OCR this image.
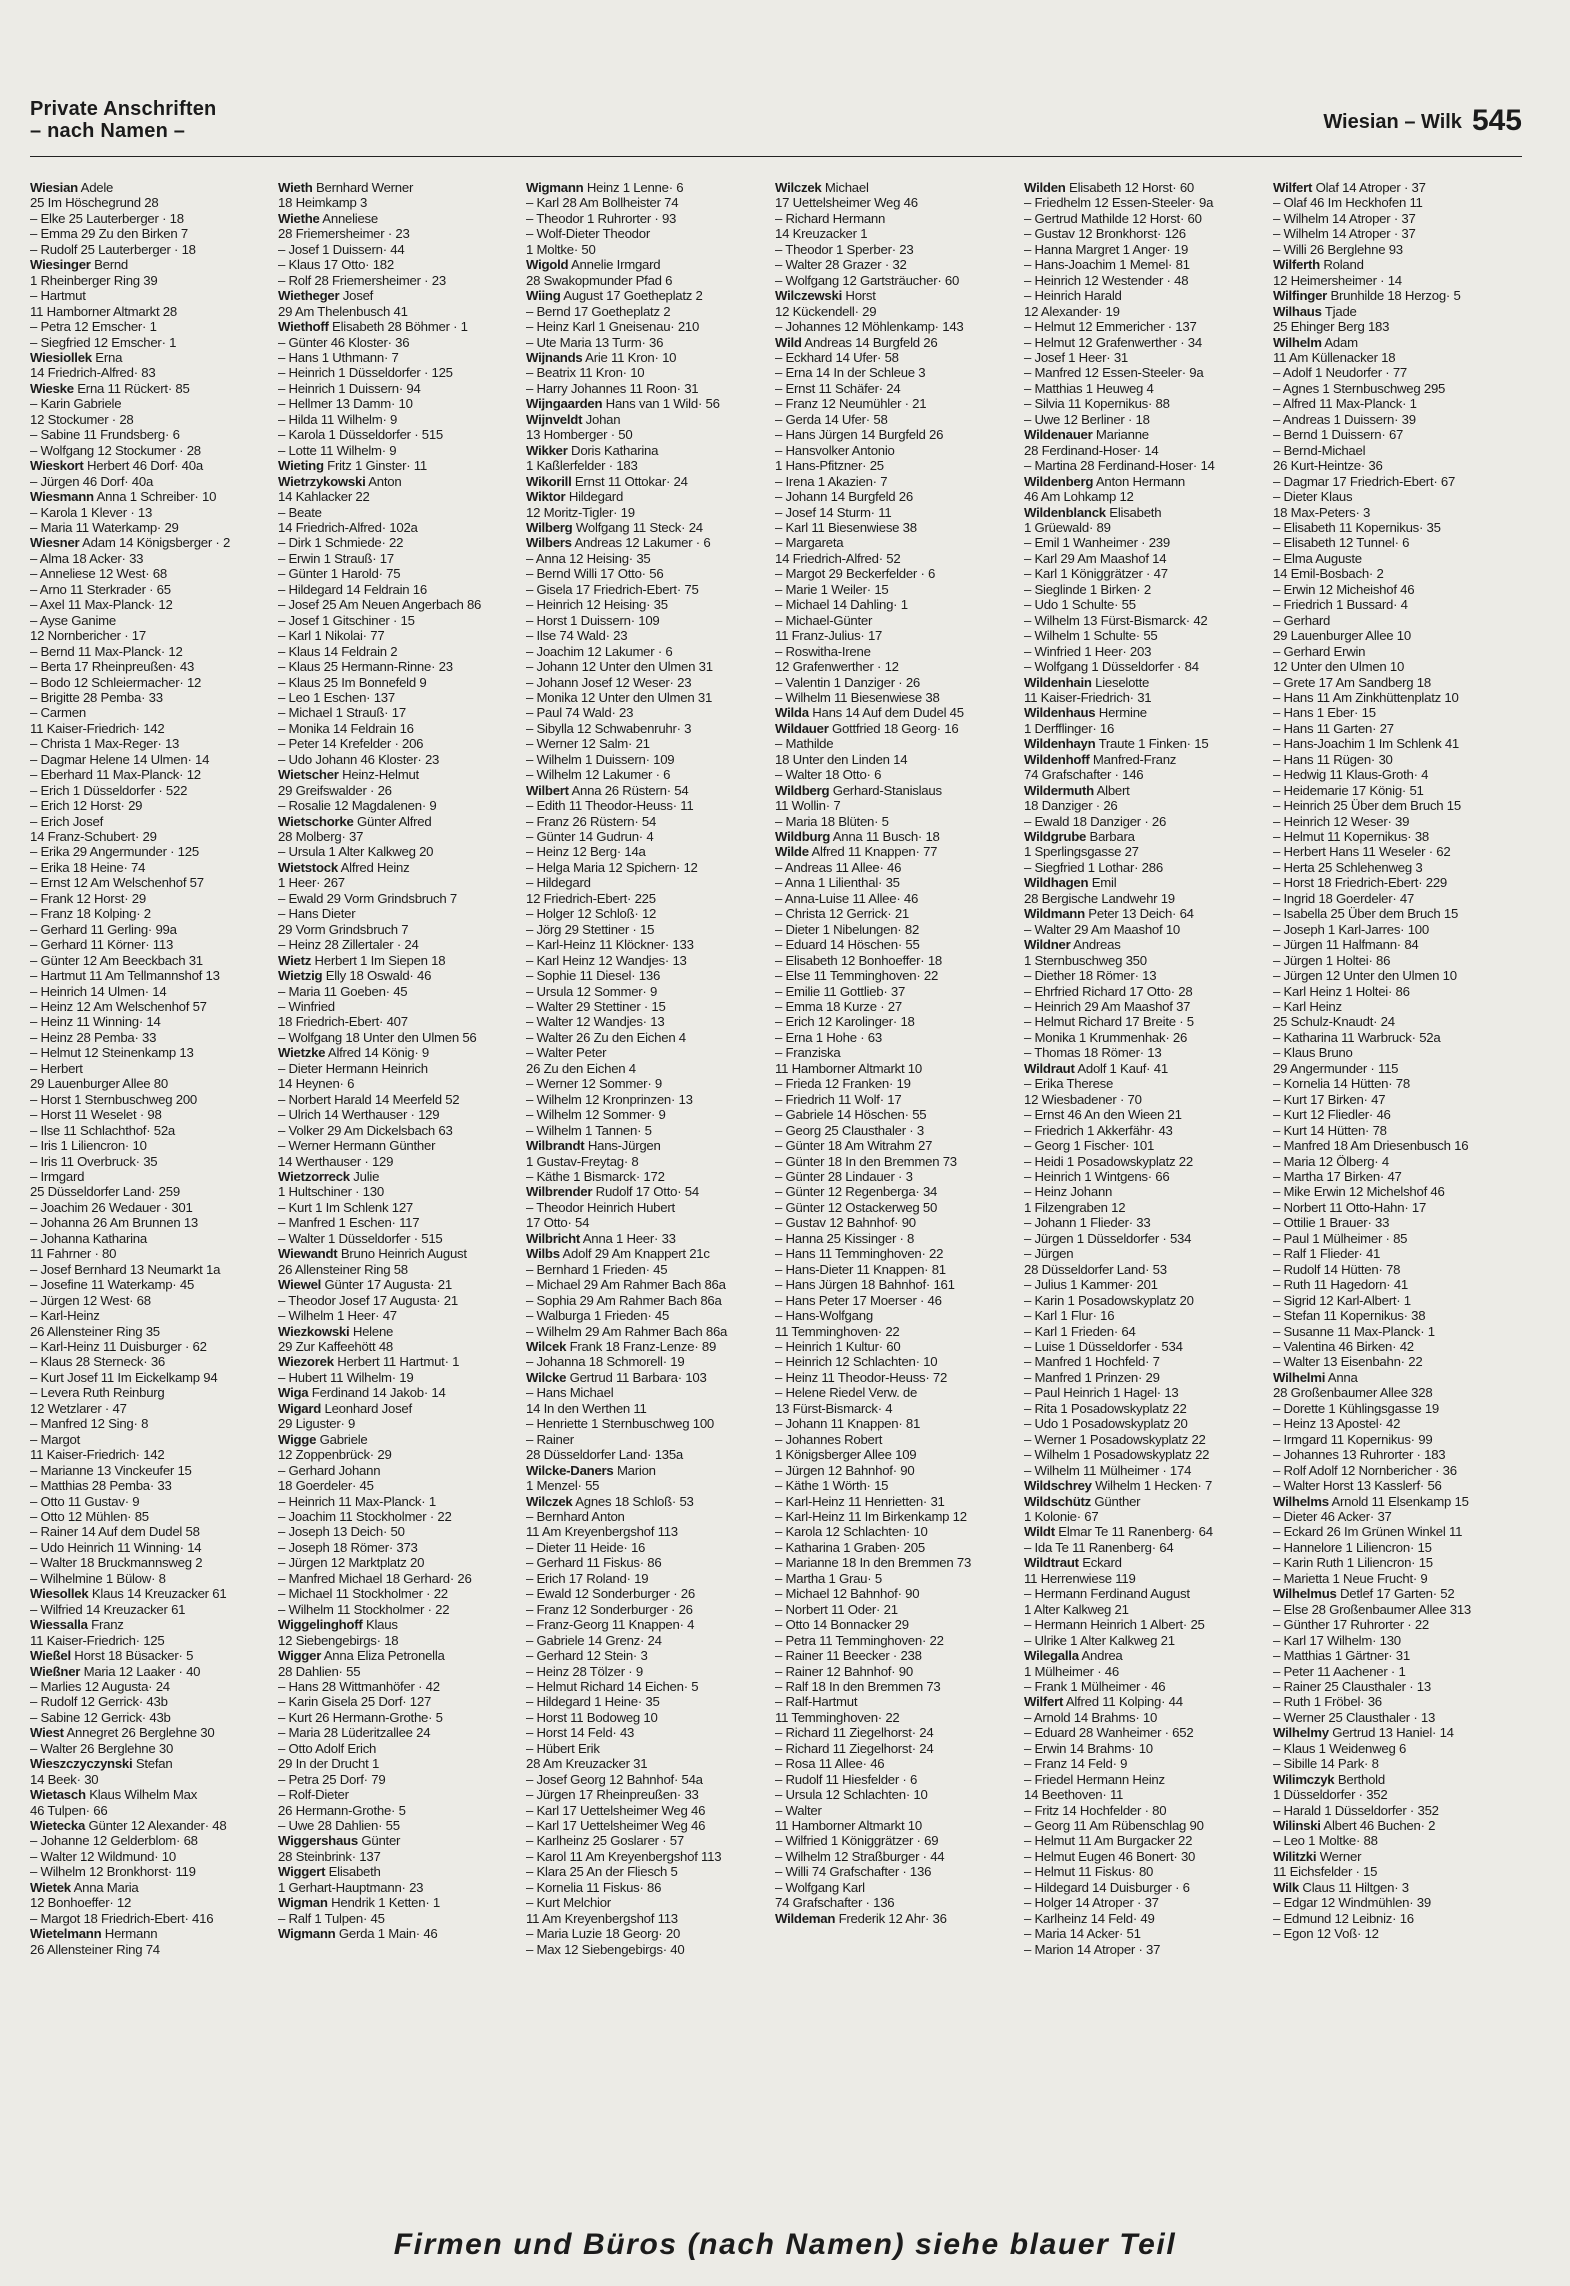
Private Anschriften
– nach Namen –	Wiesian – Wilk 545
Wiesian Adele
25 Im Höschegrund 28
– Elke 25 Lauterberger · 18
– Emma 29 Zu den Birken 7
– Rudolf 25 Lauterberger · 18
Wiesinger Bernd
1 Rheinberger Ring 39
– Hartmut
11 Hamborner Altmarkt 28
– Petra 12 Emscher· 1
– Siegfried 12 Emscher· 1
Wiesiollek Erna
14 Friedrich-Alfred· 83
Wieske Erna 11 Rückert· 85
– Karin Gabriele
12 Stockumer · 28
– Sabine 11 Frundsberg· 6
– Wolfgang 12 Stockumer · 28
Wieskort Herbert 46 Dorf· 40a
– Jürgen 46 Dorf· 40a
Wiesmann Anna 1 Schreiber· 10
– Karola 1 Klever · 13
– Maria 11 Waterkamp· 29
Wiesner Adam 14 Königsberger · 2
– Alma 18 Acker· 33
– Anneliese 12 West· 68
– Arno 11 Sterkrader · 65
– Axel 11 Max-Planck· 12
– Ayse Ganime
12 Nornbericher · 17
– Bernd 11 Max-Planck· 12
– Berta 17 Rheinpreußen· 43
– Bodo 12 Schleiermacher· 12
– Brigitte 28 Pemba· 33
– Carmen
11 Kaiser-Friedrich· 142
– Christa 1 Max-Reger· 13
– Dagmar Helene 14 Ulmen· 14
– Eberhard 11 Max-Planck· 12
– Erich 1 Düsseldorfer · 522
– Erich 12 Horst· 29
– Erich Josef
14 Franz-Schubert· 29
– Erika 29 Angermunder · 125
– Erika 18 Heine· 74
– Ernst 12 Am Welschenhof 57
– Frank 12 Horst· 29
– Franz 18 Kolping· 2
– Gerhard 11 Gerling· 99a
– Gerhard 11 Körner· 113
– Günter 12 Am Beeckbach 31
– Hartmut 11 Am Tellmannshof 13
– Heinrich 14 Ulmen· 14
– Heinz 12 Am Welschenhof 57
– Heinz 11 Winning· 14
– Heinz 28 Pemba· 33
– Helmut 12 Steinenkamp 13
– Herbert
29 Lauenburger Allee 80
– Horst 1 Sternbuschweg 200
– Horst 11 Weselet · 98
– Ilse 11 Schlachthof· 52a
– Iris 1 Liliencron· 10
– Iris 11 Overbruck· 35
– Irmgard
25 Düsseldorfer Land· 259
– Joachim 26 Wedauer · 301
– Johanna 26 Am Brunnen 13
– Johanna Katharina
11 Fahrner · 80
– Josef Bernhard 13 Neumarkt 1a
– Josefine 11 Waterkamp· 45
– Jürgen 12 West· 68
– Karl-Heinz
26 Allensteiner Ring 35
– Karl-Heinz 11 Duisburger · 62
– Klaus 28 Sterneck· 36
– Kurt Josef 11 Im Eickelkamp 94
– Levera Ruth Reinburg
12 Wetzlarer · 47
– Manfred 12 Sing· 8
– Margot
11 Kaiser-Friedrich· 142
– Marianne 13 Vinckeufer 15
– Matthias 28 Pemba· 33
– Otto 11 Gustav· 9
– Otto 12 Mühlen· 85
– Rainer 14 Auf dem Dudel 58
– Udo Heinrich 11 Winning· 14
– Walter 18 Bruckmannsweg 2
– Wilhelmine 1 Bülow· 8
Wiesollek Klaus 14 Kreuzacker 61
– Wilfried 14 Kreuzacker 61
Wiessalla Franz
11 Kaiser-Friedrich· 125
Wießel Horst 18 Büsacker· 5
Wießner Maria 12 Laaker · 40
– Marlies 12 Augusta· 24
– Rudolf 12 Gerrick· 43b
– Sabine 12 Gerrick· 43b
Wiest Annegret 26 Berglehne 30
– Walter 26 Berglehne 30
Wieszczyczynski Stefan
14 Beek· 30
Wietasch Klaus Wilhelm Max
46 Tulpen· 66
Wietecka Günter 12 Alexander· 48
– Johanne 12 Gelderblom· 68
– Walter 12 Wildmund· 10
– Wilhelm 12 Bronkhorst· 119
Wietek Anna Maria
12 Bonhoeffer· 12
– Margot 18 Friedrich-Ebert· 416
Wietelmann Hermann
26 Allensteiner Ring 74
Wieth Bernhard Werner
18 Heimkamp 3
Wiethe Anneliese
28 Friemersheimer · 23
– Josef 1 Duissern· 44
– Klaus 17 Otto· 182
– Rolf 28 Friemersheimer · 23
Wietheger Josef
29 Am Thelenbusch 41
Wiethoff Elisabeth 28 Böhmer · 1
– Günter 46 Kloster· 36
– Hans 1 Uthmann· 7
– Heinrich 1 Düsseldorfer · 125
– Heinrich 1 Duissern· 94
– Hellmer 13 Damm· 10
– Hilda 11 Wilhelm· 9
– Karola 1 Düsseldorfer · 515
– Lotte 11 Wilhelm· 9
Wieting Fritz 1 Ginster· 11
Wietrzykowski Anton
14 Kahlacker 22
– Beate
14 Friedrich-Alfred· 102a
– Dirk 1 Schmiede· 22
– Erwin 1 Strauß· 17
– Günter 1 Harold· 75
– Hildegard 14 Feldrain 16
– Josef 25 Am Neuen Angerbach 86
– Josef 1 Gitschiner · 15
– Karl 1 Nikolai· 77
– Klaus 14 Feldrain 2
– Klaus 25 Hermann-Rinne· 23
– Klaus 25 Im Bonnefeld 9
– Leo 1 Eschen· 137
– Michael 1 Strauß· 17
– Monika 14 Feldrain 16
– Peter 14 Krefelder · 206
– Udo Johann 46 Kloster· 23
Wietscher Heinz-Helmut
29 Greifswalder · 26
– Rosalie 12 Magdalenen· 9
Wietschorke Günter Alfred
28 Molberg· 37
– Ursula 1 Alter Kalkweg 20
Wietstock Alfred Heinz
1 Heer· 267
– Ewald 29 Vorm Grindsbruch 7
– Hans Dieter
29 Vorm Grindsbruch 7
– Heinz 28 Zillertaler · 24
Wietz Herbert 1 Im Siepen 18
Wietzig Elly 18 Oswald· 46
– Maria 11 Goeben· 45
– Winfried
18 Friedrich-Ebert· 407
– Wolfgang 18 Unter den Ulmen 56
Wietzke Alfred 14 König· 9
– Dieter Hermann Heinrich
14 Heynen· 6
– Norbert Harald 14 Meerfeld 52
– Ulrich 14 Werthauser · 129
– Volker 29 Am Dickelsbach 63
– Werner Hermann Günther
14 Werthauser · 129
Wietzorreck Julie
1 Hultschiner · 130
– Kurt 1 Im Schlenk 127
– Manfred 1 Eschen· 117
– Walter 1 Düsseldorfer · 515
Wiewandt Bruno Heinrich August
26 Allensteiner Ring 58
Wiewel Günter 17 Augusta· 21
– Theodor Josef 17 Augusta· 21
– Wilhelm 1 Heer· 47
Wiezkowski Helene
29 Zur Kaffeehött 48
Wiezorek Herbert 11 Hartmut· 1
– Hubert 11 Wilhelm· 19
Wiga Ferdinand 14 Jakob· 14
Wigard Leonhard Josef
29 Liguster· 9
Wigge Gabriele
12 Zoppenbrück· 29
– Gerhard Johann
18 Goerdeler· 45
– Heinrich 11 Max-Planck· 1
– Joachim 11 Stockholmer · 22
– Joseph 13 Deich· 50
– Joseph 18 Römer· 373
– Jürgen 12 Marktplatz 20
– Manfred Michael 18 Gerhard· 26
– Michael 11 Stockholmer · 22
– Wilhelm 11 Stockholmer · 22
Wiggelinghoff Klaus
12 Siebengebirgs· 18
Wigger Anna Eliza Petronella
28 Dahlien· 55
– Hans 28 Wittmanhöfer · 42
– Karin Gisela 25 Dorf· 127
– Kurt 26 Hermann-Grothe· 5
– Maria 28 Lüderitzallee 24
– Otto Adolf Erich
29 In der Drucht 1
– Petra 25 Dorf· 79
– Rolf-Dieter
26 Hermann-Grothe· 5
– Uwe 28 Dahlien· 55
Wiggershaus Günter
28 Steinbrink· 137
Wiggert Elisabeth
1 Gerhart-Hauptmann· 23
Wigman Hendrik 1 Ketten· 1
– Ralf 1 Tulpen· 45
Wigmann Gerda 1 Main· 46
Wigmann Heinz 1 Lenne· 6
– Karl 28 Am Bollheister 74
– Theodor 1 Ruhrorter · 93
– Wolf-Dieter Theodor
1 Moltke· 50
Wigold Annelie Irmgard
28 Swakopmunder Pfad 6
Wiing August 17 Goetheplatz 2
– Bernd 17 Goetheplatz 2
– Heinz Karl 1 Gneisenau· 210
– Ute Maria 13 Turm· 36
Wijnands Arie 11 Kron· 10
– Beatrix 11 Kron· 10
– Harry Johannes 11 Roon· 31
Wijngaarden Hans van 1 Wild· 56
Wijnveldt Johan
13 Homberger · 50
Wikker Doris Katharina
1 Kaßlerfelder · 183
Wikorill Ernst 11 Ottokar· 24
Wiktor Hildegard
12 Moritz-Tigler· 19
Wilberg Wolfgang 11 Steck· 24
Wilbers Andreas 12 Lakumer · 6
– Anna 12 Heising· 35
– Bernd Willi 17 Otto· 56
– Gisela 17 Friedrich-Ebert· 75
– Heinrich 12 Heising· 35
– Horst 1 Duissern· 109
– Ilse 74 Wald· 23
– Joachim 12 Lakumer · 6
– Johann 12 Unter den Ulmen 31
– Johann Josef 12 Weser· 23
– Monika 12 Unter den Ulmen 31
– Paul 74 Wald· 23
– Sibylla 12 Schwabenruhr· 3
– Werner 12 Salm· 21
– Wilhelm 1 Duissern· 109
– Wilhelm 12 Lakumer · 6
Wilbert Anna 26 Rüstern· 54
– Edith 11 Theodor-Heuss· 11
– Franz 26 Rüstern· 54
– Günter 14 Gudrun· 4
– Heinz 12 Berg· 14a
– Helga Maria 12 Spichern· 12
– Hildegard
12 Friedrich-Ebert· 225
– Holger 12 Schloß· 12
– Jörg 29 Stettiner · 15
– Karl-Heinz 11 Klöckner· 133
– Karl Heinz 12 Wandjes· 13
– Sophie 11 Diesel· 136
– Ursula 12 Sommer· 9
– Walter 29 Stettiner · 15
– Walter 12 Wandjes· 13
– Walter 26 Zu den Eichen 4
– Walter Peter
26 Zu den Eichen 4
– Werner 12 Sommer· 9
– Wilhelm 12 Kronprinzen· 13
– Wilhelm 12 Sommer· 9
– Wilhelm 1 Tannen· 5
Wilbrandt Hans-Jürgen
1 Gustav-Freytag· 8
– Käthe 1 Bismarck· 172
Wilbrender Rudolf 17 Otto· 54
– Theodor Heinrich Hubert
17 Otto· 54
Wilbricht Anna 1 Heer· 33
Wilbs Adolf 29 Am Knappert 21c
– Bernhard 1 Frieden· 45
– Michael 29 Am Rahmer Bach 86a
– Sophia 29 Am Rahmer Bach 86a
– Walburga 1 Frieden· 45
– Wilhelm 29 Am Rahmer Bach 86a
Wilcek Frank 18 Franz-Lenze· 89
– Johanna 18 Schmorell· 19
Wilcke Gertrud 11 Barbara· 103
– Hans Michael
14 In den Werthen 11
– Henriette 1 Sternbuschweg 100
– Rainer
28 Düsseldorfer Land· 135a
Wilcke-Daners Marion
1 Menzel· 55
Wilczek Agnes 18 Schloß· 53
– Bernhard Anton
11 Am Kreyenbergshof 113
– Dieter 11 Heide· 16
– Gerhard 11 Fiskus· 86
– Erich 17 Roland· 19
– Ewald 12 Sonderburger · 26
– Franz 12 Sonderburger · 26
– Franz-Georg 11 Knappen· 4
– Gabriele 14 Grenz· 24
– Gerhard 12 Stein· 3
– Heinz 28 Tölzer · 9
– Helmut Richard 14 Eichen· 5
– Hildegard 1 Heine· 35
– Horst 11 Bodoweg 10
– Horst 14 Feld· 43
– Hübert Erik
28 Am Kreuzacker 31
– Josef Georg 12 Bahnhof· 54a
– Jürgen 17 Rheinpreußen· 33
– Karl 17 Uettelsheimer Weg 46
– Karl 17 Uettelsheimer Weg 46
– Karlheinz 25 Goslarer · 57
– Karol 11 Am Kreyenbergshof 113
– Klara 25 An der Fliesch 5
– Kornelia 11 Fiskus· 86
– Kurt Melchior
11 Am Kreyenbergshof 113
– Maria Luzie 18 Georg· 20
– Max 12 Siebengebirgs· 40
Wilczek Michael
17 Uettelsheimer Weg 46
– Richard Hermann
14 Kreuzacker 1
– Theodor 1 Sperber· 23
– Walter 28 Grazer · 32
– Wolfgang 12 Gartsträucher· 60
Wilczewski Horst
12 Kückendell· 29
– Johannes 12 Möhlenkamp· 143
Wild Andreas 14 Burgfeld 26
– Eckhard 14 Ufer· 58
– Erna 14 In der Schleue 3
– Ernst 11 Schäfer· 24
– Franz 12 Neumühler · 21
– Gerda 14 Ufer· 58
– Hans Jürgen 14 Burgfeld 26
– Hansvolker Antonio
1 Hans-Pfitzner· 25
– Irena 1 Akazien· 7
– Johann 14 Burgfeld 26
– Josef 14 Sturm· 11
– Karl 11 Biesenwiese 38
– Margareta
14 Friedrich-Alfred· 52
– Margot 29 Beckerfelder · 6
– Marie 1 Weiler· 15
– Michael 14 Dahling· 1
– Michael-Günter
11 Franz-Julius· 17
– Roswitha-Irene
12 Grafenwerther · 12
– Valentin 1 Danziger · 26
– Wilhelm 11 Biesenwiese 38
Wilda Hans 14 Auf dem Dudel 45
Wildauer Gottfried 18 Georg· 16
– Mathilde
18 Unter den Linden 14
– Walter 18 Otto· 6
Wildberg Gerhard-Stanislaus
11 Wollin· 7
– Maria 18 Blüten· 5
Wildburg Anna 11 Busch· 18
Wilde Alfred 11 Knappen· 77
– Andreas 11 Allee· 46
– Anna 1 Lilienthal· 35
– Anna-Luise 11 Allee· 46
– Christa 12 Gerrick· 21
– Dieter 1 Nibelungen· 82
– Eduard 14 Höschen· 55
– Elisabeth 12 Bonhoeffer· 18
– Else 11 Temminghoven· 22
– Emilie 11 Gottlieb· 37
– Emma 18 Kurze · 27
– Erich 12 Karolinger· 18
– Erna 1 Hohe · 63
– Franziska
11 Hamborner Altmarkt 10
– Frieda 12 Franken· 19
– Friedrich 11 Wolf· 17
– Gabriele 14 Höschen· 55
– Georg 25 Clausthaler · 3
– Günter 18 Am Witrahm 27
– Günter 18 In den Bremmen 73
– Günter 28 Lindauer · 3
– Günter 12 Regenberga· 34
– Günter 12 Ostackerweg 50
– Gustav 12 Bahnhof· 90
– Hanna 25 Kissinger · 8
– Hans 11 Temminghoven· 22
– Hans-Dieter 11 Knappen· 81
– Hans Jürgen 18 Bahnhof· 161
– Hans Peter 17 Moerser · 46
– Hans-Wolfgang
11 Temminghoven· 22
– Heinrich 1 Kultur· 60
– Heinrich 12 Schlachten· 10
– Heinz 11 Theodor-Heuss· 72
– Helene Riedel Verw. de
13 Fürst-Bismarck· 4
– Johann 11 Knappen· 81
– Johannes Robert
1 Königsberger Allee 109
– Jürgen 12 Bahnhof· 90
– Käthe 1 Wörth· 15
– Karl-Heinz 11 Henrietten· 31
– Karl-Heinz 11 Im Birkenkamp 12
– Karola 12 Schlachten· 10
– Katharina 1 Graben· 205
– Marianne 18 In den Bremmen 73
– Martha 1 Grau· 5
– Michael 12 Bahnhof· 90
– Norbert 11 Oder· 21
– Otto 14 Bonnacker 29
– Petra 11 Temminghoven· 22
– Rainer 11 Beecker · 238
– Rainer 12 Bahnhof· 90
– Ralf 18 In den Bremmen 73
– Ralf-Hartmut
11 Temminghoven· 22
– Richard 11 Ziegelhorst· 24
– Richard 11 Ziegelhorst· 24
– Rosa 11 Allee· 46
– Rudolf 11 Hiesfelder · 6
– Ursula 12 Schlachten· 10
– Walter
11 Hamborner Altmarkt 10
– Wilfried 1 Königgrätzer · 69
– Wilhelm 12 Straßburger · 44
– Willi 74 Grafschafter · 136
– Wolfgang Karl
74 Grafschafter · 136
Wildeman Frederik 12 Ahr· 36
Wilden Elisabeth 12 Horst· 60
– Friedhelm 12 Essen-Steeler· 9a
– Gertrud Mathilde 12 Horst· 60
– Gustav 12 Bronkhorst· 126
– Hanna Margret 1 Anger· 19
– Hans-Joachim 1 Memel· 81
– Heinrich 12 Westender · 48
– Heinrich Harald
12 Alexander· 19
– Helmut 12 Emmericher · 137
– Helmut 12 Grafenwerther · 34
– Josef 1 Heer· 31
– Manfred 12 Essen-Steeler· 9a
– Matthias 1 Heuweg 4
– Silvia 11 Kopernikus· 88
– Uwe 12 Berliner · 18
Wildenauer Marianne
28 Ferdinand-Hoser· 14
– Martina 28 Ferdinand-Hoser· 14
Wildenberg Anton Hermann
46 Am Lohkamp 12
Wildenblanck Elisabeth
1 Grüewald· 89
– Emil 1 Wanheimer · 239
– Karl 29 Am Maashof 14
– Karl 1 Königgrätzer · 47
– Sieglinde 1 Birken· 2
– Udo 1 Schulte· 55
– Wilhelm 13 Fürst-Bismarck· 42
– Wilhelm 1 Schulte· 55
– Winfried 1 Heer· 203
– Wolfgang 1 Düsseldorfer · 84
Wildenhain Lieselotte
11 Kaiser-Friedrich· 31
Wildenhaus Hermine
1 Derfflinger· 16
Wildenhayn Traute 1 Finken· 15
Wildenhoff Manfred-Franz
74 Grafschafter · 146
Wildermuth Albert
18 Danziger · 26
– Ewald 18 Danziger · 26
Wildgrube Barbara
1 Sperlingsgasse 27
– Siegfried 1 Lothar· 286
Wildhagen Emil
28 Bergische Landwehr 19
Wildmann Peter 13 Deich· 64
– Walter 29 Am Maashof 10
Wildner Andreas
1 Sternbuschweg 350
– Diether 18 Römer· 13
– Ehrfried Richard 17 Otto· 28
– Heinrich 29 Am Maashof 37
– Helmut Richard 17 Breite · 5
– Monika 1 Krummenhak· 26
– Thomas 18 Römer· 13
Wildraut Adolf 1 Kauf· 41
– Erika Therese
12 Wiesbadener · 70
– Ernst 46 An den Wieen 21
– Friedrich 1 Akkerfähr· 43
– Georg 1 Fischer· 101
– Heidi 1 Posadowskyplatz 22
– Heinrich 1 Wintgens· 66
– Heinz Johann
1 Filzengraben 12
– Johann 1 Flieder· 33
– Jürgen 1 Düsseldorfer · 534
– Jürgen
28 Düsseldorfer Land· 53
– Julius 1 Kammer· 201
– Karin 1 Posadowskyplatz 20
– Karl 1 Flur· 16
– Karl 1 Frieden· 64
– Luise 1 Düsseldorfer · 534
– Manfred 1 Hochfeld· 7
– Manfred 1 Prinzen· 29
– Paul Heinrich 1 Hagel· 13
– Rita 1 Posadowskyplatz 22
– Udo 1 Posadowskyplatz 20
– Werner 1 Posadowskyplatz 22
– Wilhelm 1 Posadowskyplatz 22
– Wilhelm 11 Mülheimer · 174
Wildschrey Wilhelm 1 Hecken· 7
Wildschütz Günther
1 Kolonie· 67
Wildt Elmar Te 11 Ranenberg· 64
– Ida Te 11 Ranenberg· 64
Wildtraut Eckard
11 Herrenwiese 119
– Hermann Ferdinand August
1 Alter Kalkweg 21
– Hermann Heinrich 1 Albert· 25
– Ulrike 1 Alter Kalkweg 21
Wilegalla Andrea
1 Mülheimer · 46
– Frank 1 Mülheimer · 46
Wilfert Alfred 11 Kolping· 44
– Arnold 14 Brahms· 10
– Eduard 28 Wanheimer · 652
– Erwin 14 Brahms· 10
– Franz 14 Feld· 9
– Friedel Hermann Heinz
14 Beethoven· 11
– Fritz 14 Hochfelder · 80
– Georg 11 Am Rübenschlag 90
– Helmut 11 Am Burgacker 22
– Helmut Eugen 46 Bonert· 30
– Helmut 11 Fiskus· 80
– Hildegard 14 Duisburger · 6
– Holger 14 Atroper · 37
– Karlheinz 14 Feld· 49
– Maria 14 Acker· 51
– Marion 14 Atroper · 37
Wilfert Olaf 14 Atroper · 37
– Olaf 46 Im Heckhofen 11
– Wilhelm 14 Atroper · 37
– Wilhelm 14 Atroper · 37
– Willi 26 Berglehne 93
Wilferth Roland
12 Heimersheimer · 14
Wilfinger Brunhilde 18 Herzog· 5
Wilhaus Tjade
25 Ehinger Berg 183
Wilhelm Adam
11 Am Küllenacker 18
– Adolf 1 Neudorfer · 77
– Agnes 1 Sternbuschweg 295
– Alfred 11 Max-Planck· 1
– Andreas 1 Duissern· 39
– Bernd 1 Duissern· 67
– Bernd-Michael
26 Kurt-Heintze· 36
– Dagmar 17 Friedrich-Ebert· 67
– Dieter Klaus
18 Max-Peters· 3
– Elisabeth 11 Kopernikus· 35
– Elisabeth 12 Tunnel· 6
– Elma Auguste
14 Emil-Bosbach· 2
– Erwin 12 Micheishof 46
– Friedrich 1 Bussard· 4
– Gerhard
29 Lauenburger Allee 10
– Gerhard Erwin
12 Unter den Ulmen 10
– Grete 17 Am Sandberg 18
– Hans 11 Am Zinkhüttenplatz 10
– Hans 1 Eber· 15
– Hans 11 Garten· 27
– Hans-Joachim 1 Im Schlenk 41
– Hans 11 Rügen· 30
– Hedwig 11 Klaus-Groth· 4
– Heidemarie 17 König· 51
– Heinrich 25 Über dem Bruch 15
– Heinrich 12 Weser· 39
– Helmut 11 Kopernikus· 38
– Herbert Hans 11 Weseler · 62
– Herta 25 Schlehenweg 3
– Horst 18 Friedrich-Ebert· 229
– Ingrid 18 Goerdeler· 47
– Isabella 25 Über dem Bruch 15
– Joseph 1 Karl-Jarres· 100
– Jürgen 11 Halfmann· 84
– Jürgen 1 Holtei· 86
– Jürgen 12 Unter den Ulmen 10
– Karl Heinz 1 Holtei· 86
– Karl Heinz
25 Schulz-Knaudt· 24
– Katharina 11 Warbruck· 52a
– Klaus Bruno
29 Angermunder · 115
– Kornelia 14 Hütten· 78
– Kurt 17 Birken· 47
– Kurt 12 Fliedler· 46
– Kurt 14 Hütten· 78
– Manfred 18 Am Driesenbusch 16
– Maria 12 Ölberg· 4
– Martha 17 Birken· 47
– Mike Erwin 12 Michelshof 46
– Norbert 11 Otto-Hahn· 17
– Ottilie 1 Brauer· 33
– Paul 1 Mülheimer · 85
– Ralf 1 Flieder· 41
– Rudolf 14 Hütten· 78
– Ruth 11 Hagedorn· 41
– Sigrid 12 Karl-Albert· 1
– Stefan 11 Kopernikus· 38
– Susanne 11 Max-Planck· 1
– Valentina 46 Birken· 42
– Walter 13 Eisenbahn· 22
Wilhelmi Anna
28 Großenbaumer Allee 328
– Dorette 1 Kühlingsgasse 19
– Heinz 13 Apostel· 42
– Irmgard 11 Kopernikus· 99
– Johannes 13 Ruhrorter · 183
– Rolf Adolf 12 Nornbericher · 36
– Walter Horst 13 Kasslerf· 56
Wilhelms Arnold 11 Elsenkamp 15
– Dieter 46 Acker· 37
– Eckard 26 Im Grünen Winkel 11
– Hannelore 1 Liliencron· 15
– Karin Ruth 1 Liliencron· 15
– Marietta 1 Neue Frucht· 9
Wilhelmus Detlef 17 Garten· 52
– Else 28 Großenbaumer Allee 313
– Günther 17 Ruhrorter · 22
– Karl 17 Wilhelm· 130
– Matthias 1 Gärtner· 31
– Peter 11 Aachener · 1
– Rainer 25 Clausthaler · 13
– Ruth 1 Fröbel· 36
– Werner 25 Clausthaler · 13
Wilhelmy Gertrud 13 Haniel· 14
– Klaus 1 Weidenweg 6
– Sibille 14 Park· 8
Wilimczyk Berthold
1 Düsseldorfer · 352
– Harald 1 Düsseldorfer · 352
Wilinski Albert 46 Buchen· 2
– Leo 1 Moltke· 88
Wilitzki Werner
11 Eichsfelder · 15
Wilk Claus 11 Hiltgen· 3
– Edgar 12 Windmühlen· 39
– Edmund 12 Leibniz· 16
– Egon 12 Voß· 12
Firmen und Büros (nach Namen) siehe blauer Teil
